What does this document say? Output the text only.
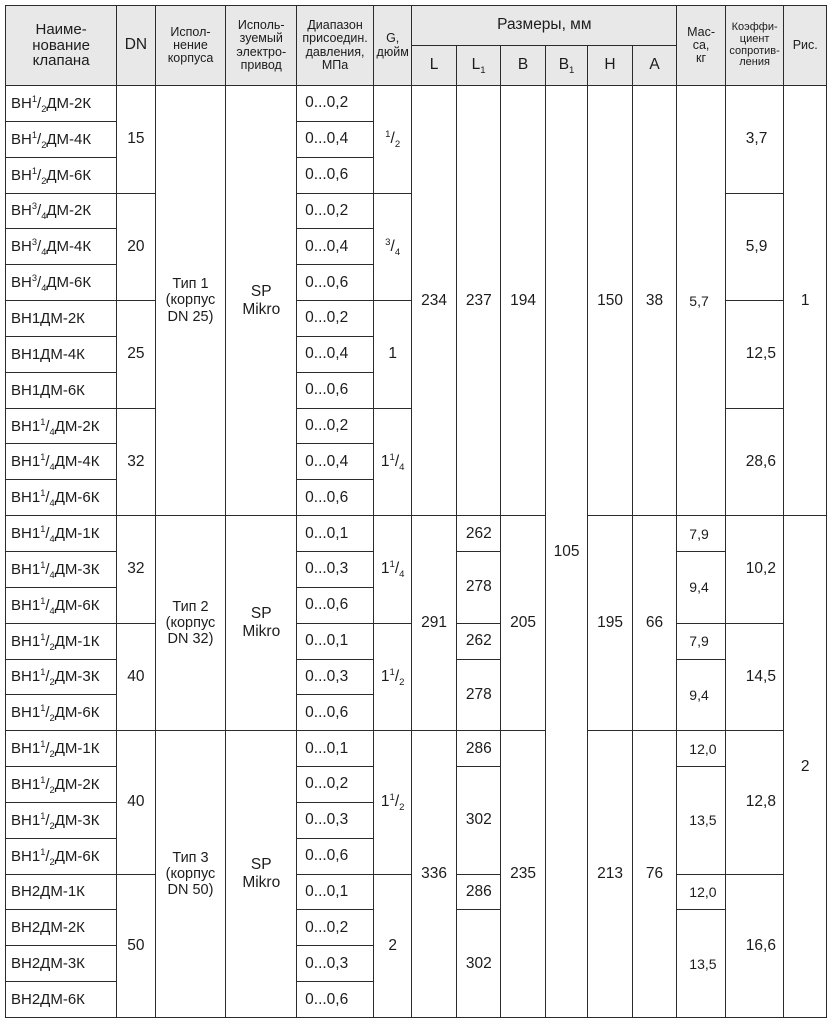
Наиме-
нование
клапана	DN	Испол-
нение
корпуса	Исполь-
зуемый
электро-
привод	Диапазон
присоедин.
давления,
МПа	G,
дюйм	Размеры, мм						Мас-
са,
кг	Коэффи-
циент
сопротив-
ления	Рис.
						L	$L_1$	B	$B_1$	H	A			
$ВН^1/_2ДМ-2К$	15	Тип 1
(корпус
DN 25)	SP
Mikro	0...0,2	$^1/_2$	234	237	194	105	150	38	5,7	3,7	1
$ВН^1/_2ДМ-4К$				0...0,4										
$ВН^1/_2ДМ-6К$				0...0,6										
$ВН^3/_4ДМ-2К$	20			0...0,2	$^3/_4$								5,9	
$ВН^3/_4ДМ-4К$				0...0,4										
$ВН^3/_4ДМ-6К$				0...0,6										
ВН1ДМ-2К	25			0...0,2	1								12,5	
ВН1ДМ-4К				0...0,4										
ВН1ДМ-6К				0...0,6										
$ВН1^1/_4ДМ-2К$	32			0...0,2	$1^1/_4$								28,6	
$ВН1^1/_4ДМ-4К$				0...0,4										
$ВН1^1/_4ДМ-6К$				0...0,6										
$ВН1^1/_4ДМ-1К$	32	Тип 2
(корпус
DN 32)	SP
Mikro	0...0,1	$1^1/_4$	291	262	205		195	66	7,9	10,2	2
$ВН1^1/_4ДМ-3К$				0...0,3			278					9,4		
$ВН1^1/_4ДМ-6К$				0...0,6										
$ВН1^1/_2ДМ-1К$	40			0...0,1	$1^1/_2$		262					7,9	14,5	
$ВН1^1/_2ДМ-3К$				0...0,3			278					9,4		
$ВН1^1/_2ДМ-6К$				0...0,6										
$ВН1^1/_2ДМ-1К$	40	Тип 3
(корпус
DN 50)	SP
Mikro	0...0,1	$1^1/_2$	336	286	235		213	76	12,0	12,8	
$ВН1^1/_2ДМ-2К$				0...0,2			302					13,5		
$ВН1^1/_2ДМ-3К$				0...0,3										
$ВН1^1/_2ДМ-6К$				0...0,6										
ВН2ДМ-1К	50			0...0,1	2		286					12,0	16,6	
ВН2ДМ-2К				0...0,2			302					13,5		
ВН2ДМ-3К				0...0,3										
ВН2ДМ-6К				0...0,6										
